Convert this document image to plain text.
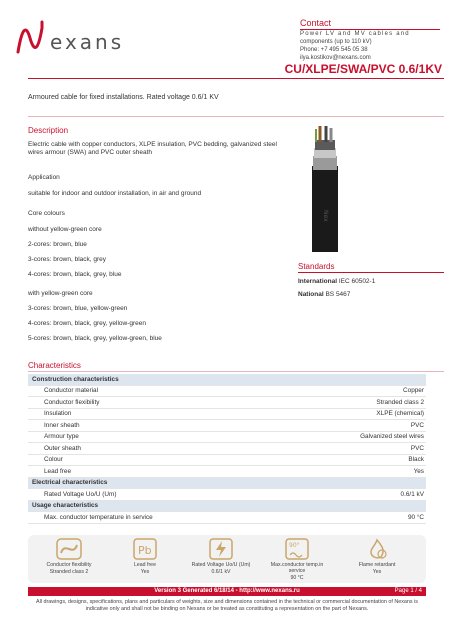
exans
Contact
Power LV and MV cables and
components (up to 110 kV)
Phone: +7 495 545 05 38
ilya.kostikov@nexans.com
CU/XLPE/SWA/PVC 0.6/1KV
Armoured cable for fixed installations. Rated voltage 0.6/1 KV
Description
Electric cable with copper conductors, XLPE insulation, PVC bedding, galvanized steel wires armour (SWA) and PVC outer sheath
Application
suitable for indoor and outdoor installation, in air and ground
Core colours
without yellow-green core
2-cores: brown, blue
3-cores: brown, black, grey
4-cores: brown, black, grey, blue
with yellow-green core
3-cores: brown, blue, yellow-green
4-cores: brown, black, grey, yellow-green
5-cores: brown, black, grey, yellow-green, blue
Nex
Standards
International IEC 60502-1
National BS 5467
Characteristics
Construction characteristics
Conductor material	Copper
Conductor flexibility	Stranded class 2
Insulation	XLPE (chemical)
Inner sheath	PVC
Armour type	Galvanized steel wires
Outer sheath	PVC
Colour	Black
Lead free	Yes
Electrical characteristics
Rated Voltage Uo/U (Um)	0.6/1 kV
Usage characteristics
Max. conductor temperature in service	90 °C
Conductor flexibility
Stranded class 2
Pb
Lead free
Yes
Rated Voltage Uo/U (Um)
0.6/1 kV
90°
Max.conductor temp.in service
90 °C
Flame retardant
Yes
Version 3 Generated 6/18/14 - http://www.nexans.ru	Page 1 / 4
All drawings, designs, specifications, plans and particulars of weights, size and dimensions contained in the technical or commercial documentation of Nexans is indicative only and shall not be binding on Nexans or be treated as constituting a representation on the part of Nexans.
